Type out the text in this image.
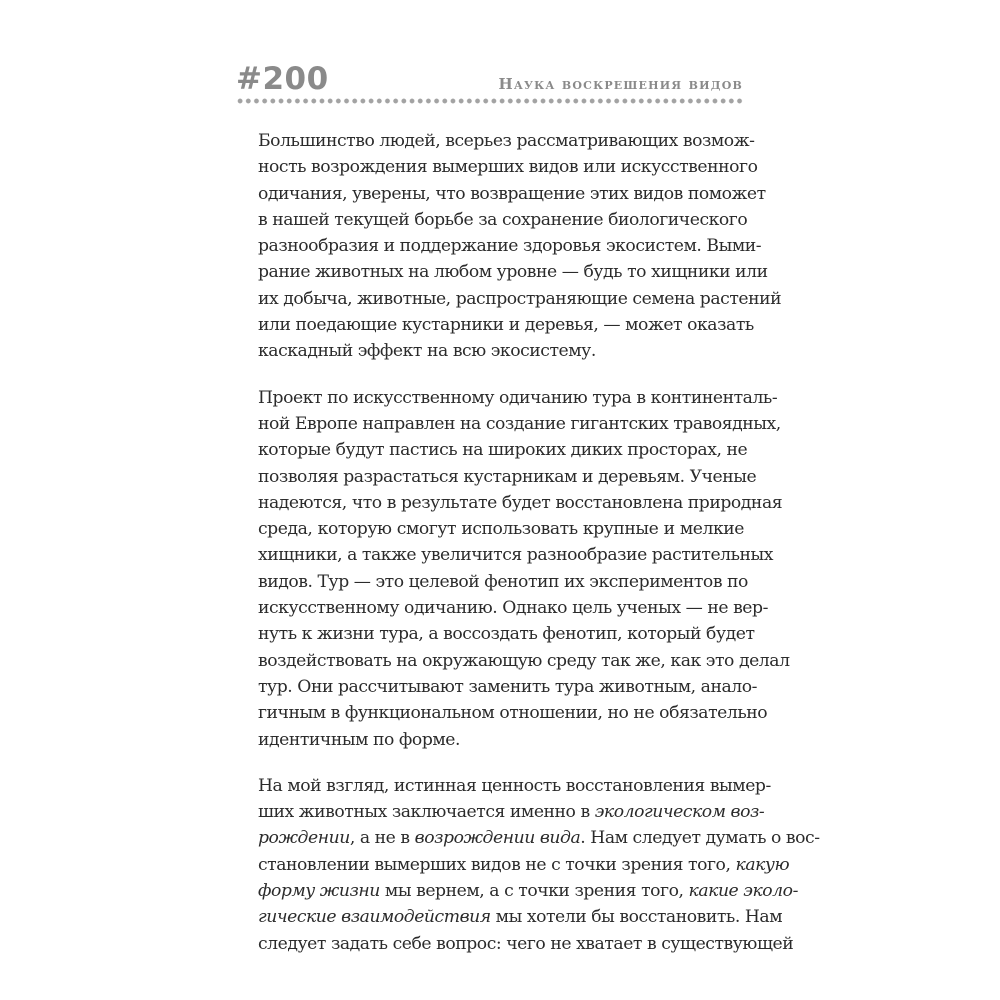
#200	Наука воскрешения видов
Большинство людей, всерьез рассматривающих возмож-
ность возрождения вымерших видов или искусственного
одичания, уверены, что возвращение этих видов поможет
в нашей текущей борьбе за сохранение биологического
разнообразия и поддержание здоровья экосистем. Выми-
рание животных на любом уровне — будь то хищники или
их добыча, животные, распространяющие семена растений
или поедающие кустарники и деревья, — может оказать
каскадный эффект на всю экосистему.
Проект по искусственному одичанию тура в континенталь-
ной Европе направлен на создание гигантских травоядных,
которые будут пастись на широких диких просторах, не
позволяя разрастаться кустарникам и деревьям. Ученые
надеются, что в результате будет восстановлена природная
среда, которую смогут использовать крупные и мелкие
хищники, а также увеличится разнообразие растительных
видов. Тур — это целевой фенотип их экспериментов по
искусственному одичанию. Однако цель ученых — не вер-
нуть к жизни тура, а воссоздать фенотип, который будет
воздействовать на окружающую среду так же, как это делал
тур. Они рассчитывают заменить тура животным, анало-
гичным в функциональном отношении, но не обязательно
идентичным по форме.
На мой взгляд, истинная ценность восстановления вымер-
ших животных заключается именно в экологическом воз-
рождении, а не в возрождении вида. Нам следует думать о вос-
становлении вымерших видов не с точки зрения того, какую
форму жизни мы вернем, а с точки зрения того, какие эколо-
гические взаимодействия мы хотели бы восстановить. Нам
следует задать себе вопрос: чего не хватает в существующей
